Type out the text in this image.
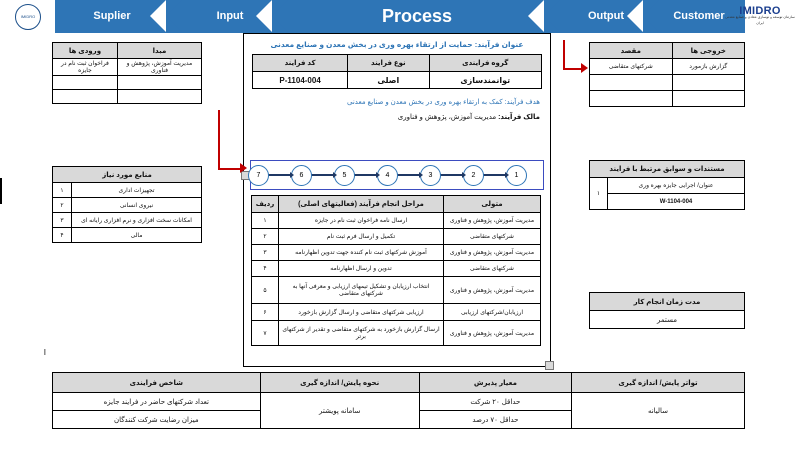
IMIDRO	Suplier	Input	Process	Output	Customer	IMIDRO
سازمان توسعه و نوسازی معادن و صنایع معدنی ایران
مبدا	ورودی ها
مدیریت آموزش، پژوهش و فناوری	فراخوان ثبت نام در جایزه

منابع مورد نیاز	
تجهیزات اداری	١
نیروی انسانی	٢
امکانات سخت افزاری و نرم افزاری رایانه ای	٣
مالی	۴
خروجی ها	مقصد
گزارش بازمورد	شرکتهای متقاضی

مستندات و سوابق مرتبط با فرایند
عنوان/ اجرایی جایزه بهره وری	١
W-1104-004
مدت زمان انجام کار
مستمر
عنوان فرآیند: حمایت از ارتقاء بهره وری در بخش معدن و صنایع معدنی
گروه فرایندی	نوع فرایند	کد فرایند
توانمندسازی	اصلی	P-1104-004
هدف فرآیند: کمک به ارتقاء بهره وری در بخش معدن و صنایع معدنی
مالک فرآیند: مدیریت آموزش، پژوهش و فناوری
1
2
3
4
5
6
7
متولی	مراحل انجام فرآیند (فعالیتهای اصلی)	ردیف
مدیریت آموزش، پژوهش و فناوری	ارسال نامه فراخوان ثبت نام در جایزه	١
شرکتهای متقاضی	تکمیل و ارسال فرم ثبت نام	٢
مدیریت آموزش، پژوهش و فناوری	آموزش شرکتهای ثبت نام کننده جهت تدوین اظهارنامه	٣
شرکتهای متقاضی	تدوین و ارسال اظهارنامه	۴
مدیریت آموزش، پژوهش و فناوری	انتخاب ارزیابان و تشکیل تیمهای ارزیابی و معرفی آنها به شرکتهای متقاضی	۵
ارزیابان/شرکتهای ارزیابی	ارزیابی شرکتهای متقاضی و ارسال گزارش بازخورد	۶
مدیریت آموزش، پژوهش و فناوری	ارسال گزارش بازخورد به شرکتهای متقاضی و تقدیر از شرکتهای برتر	٧
l
تواتر پایش/ اندازه گیری	معیار پذیرش	نحوه پایش/ اندازه گیری	شاخص فرایندی
سالیانه	حداقل ٢٠ شرکت	سامانه پویشتر	تعداد شرکتهای حاضر در فرایند جایزه
	حداقل ٧٠ درصد		میزان رضایت شرکت کنندگان
